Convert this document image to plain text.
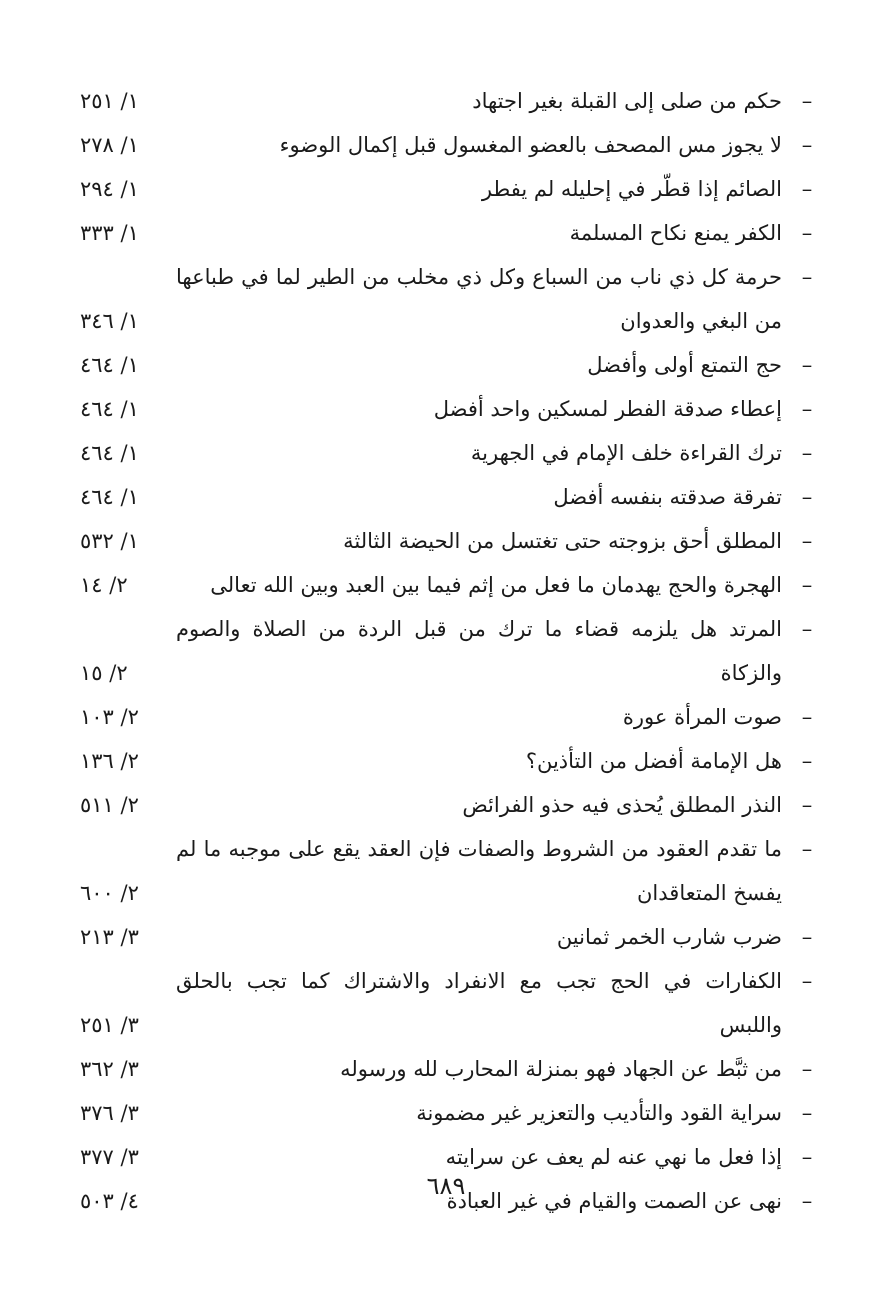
–
حكم من صلى إلى القبلة بغير اجتهاد
١/ ٢٥١
–
لا يجوز مس المصحف بالعضو المغسول قبل إكمال الوضوء
١/ ٢٧٨
–
الصائم إذا قطّر في إحليله لم يفطر
١/ ٢٩٤
–
الكفر يمنع نكاح المسلمة
١/ ٣٣٣
–
حرمة كل ذي ناب من السباع وكل ذي مخلب من الطير لما في طباعها من البغي والعدوان
١/ ٣٤٦
–
حج التمتع أولى وأفضل
١/ ٤٦٤
–
إعطاء صدقة الفطر لمسكين واحد أفضل
١/ ٤٦٤
–
ترك القراءة خلف الإمام في الجهرية
١/ ٤٦٤
–
تفرقة صدقته بنفسه أفضل
١/ ٤٦٤
–
المطلق أحق بزوجته حتى تغتسل من الحيضة الثالثة
١/ ٥٣٢
–
الهجرة والحج يهدمان ما فعل من إثم فيما بين العبد وبين الله تعالى
٢/ ١٤
–
المرتد هل يلزمه قضاء ما ترك من قبل الردة من الصلاة والصوم والزكاة
٢/ ١٥
–
صوت المرأة عورة
٢/ ١٠٣
–
هل الإمامة أفضل من التأذين؟
٢/ ١٣٦
–
النذر المطلق يُحذى فيه حذو الفرائض
٢/ ٥١١
–
ما تقدم العقود من الشروط والصفات فإن العقد يقع على موجبه ما لم يفسخ المتعاقدان
٢/ ٦٠٠
–
ضرب شارب الخمر ثمانين
٣/ ٢١٣
–
الكفارات في الحج تجب مع الانفراد والاشتراك كما تجب بالحلق واللبس
٣/ ٢٥١
–
من ثبَّط عن الجهاد فهو بمنزلة المحارب لله ورسوله
٣/ ٣٦٢
–
سراية القود والتأديب والتعزير غير مضمونة
٣/ ٣٧٦
–
إذا فعل ما نهي عنه لم يعف عن سرايته
٣/ ٣٧٧
–
نهى عن الصمت والقيام في غير العبادة
٤/ ٥٠٣
٦٨٩
